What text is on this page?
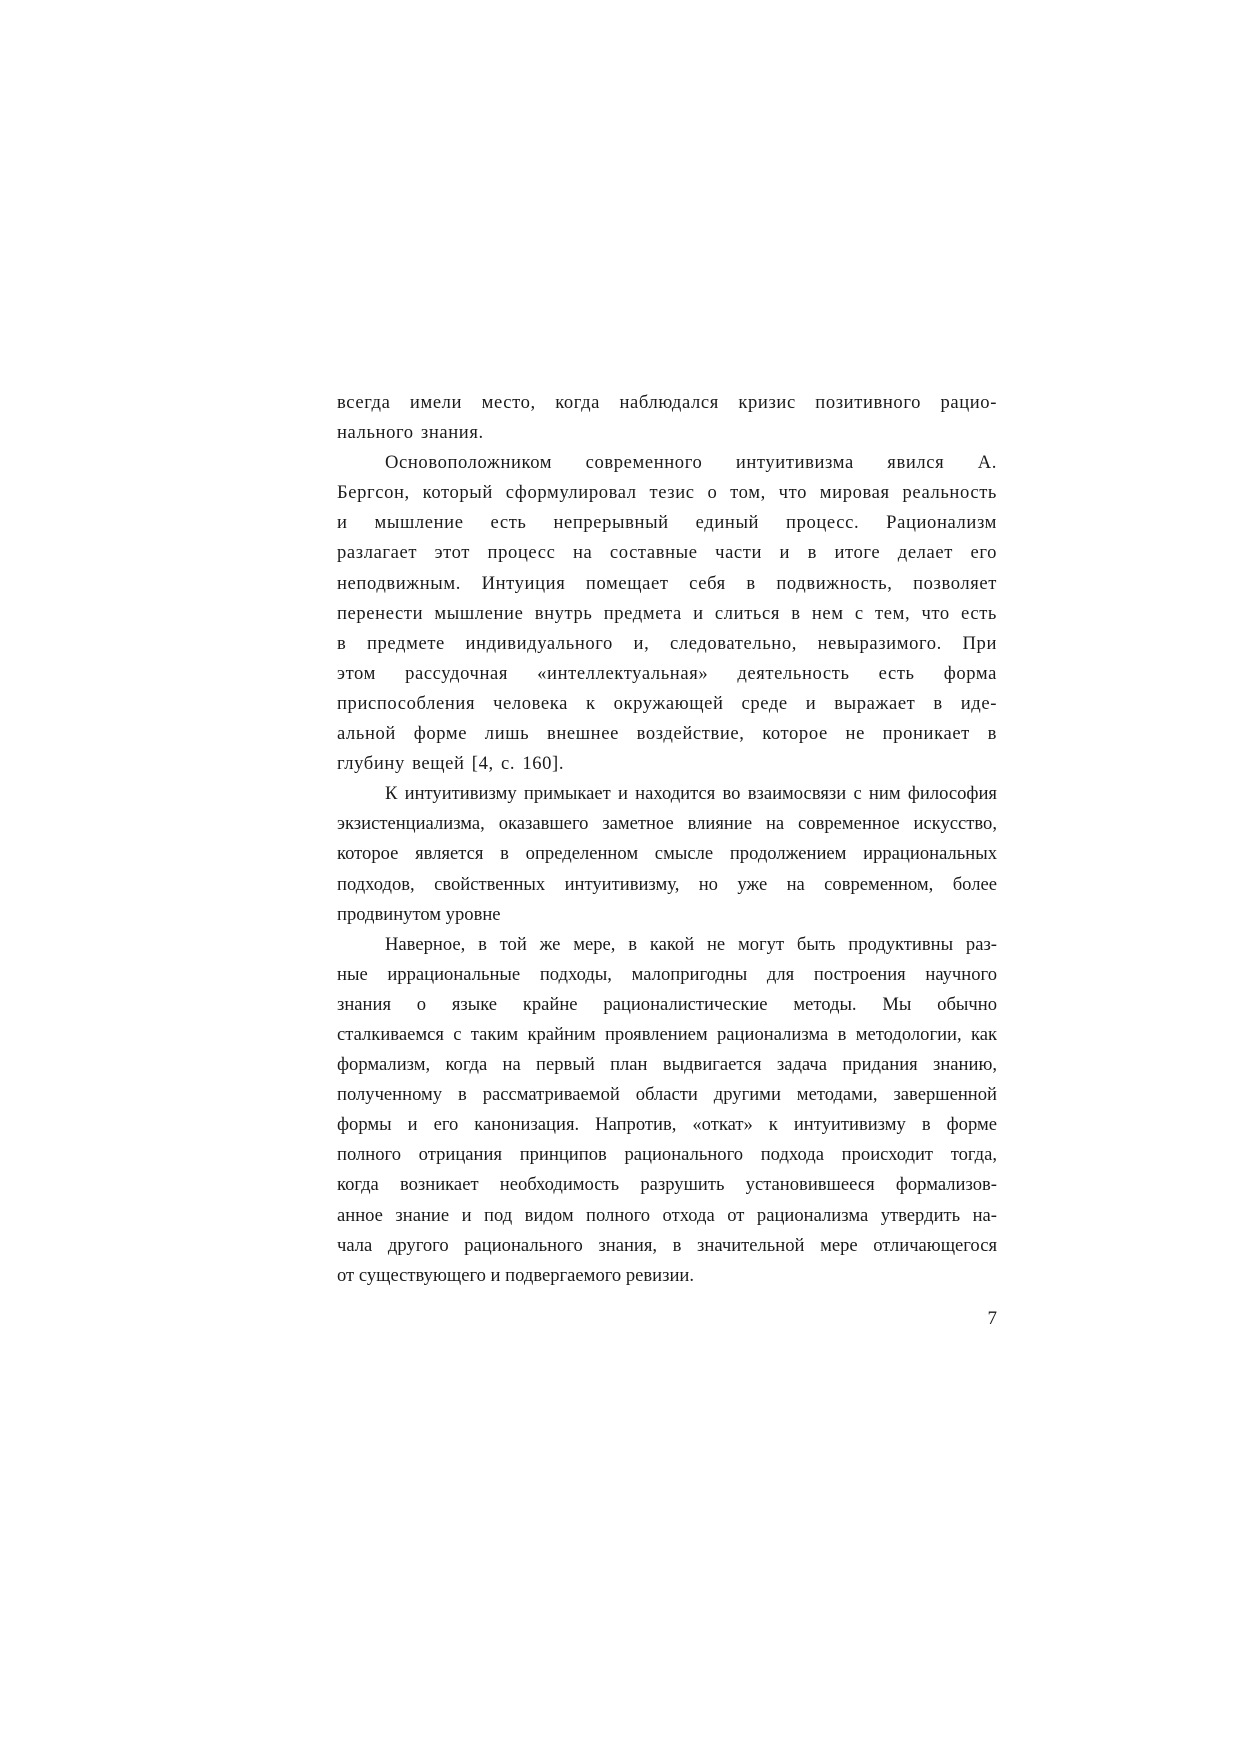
всегда имели место, когда наблюдался кризис позитивного рацио-
нального знания.
Основоположником современного интуитивизма явился А.
Бергсон, который сформулировал тезис о том, что мировая реальность
и мышление есть непрерывный единый процесс. Рационализм
разлагает этот процесс на составные части и в итоге делает его
неподвижным. Интуиция помещает себя в подвижность, позволяет
перенести мышление внутрь предмета и слиться в нем с тем, что есть
в предмете индивидуального и, следовательно, невыразимого. При
этом рассудочная «интеллектуальная» деятельность есть форма
приспособления человека к окружающей среде и выражает в иде-
альной форме лишь внешнее воздействие, которое не проникает в
глубину вещей [4, с. 160].
К интуитивизму примыкает и находится во взаимосвязи с ним философия
экзистенциализма, оказавшего заметное влияние на современное искусство,
которое является в определенном смысле продолжением иррациональных
подходов, свойственных интуитивизму, но уже на современном, более
продвинутом уровне
Наверное, в той же мере, в какой не могут быть продуктивны раз-
ные иррациональные подходы, малопригодны для построения научного
знания о языке крайне рационалистические методы. Мы обычно
сталкиваемся с таким крайним проявлением рационализма в методологии, как
формализм, когда на первый план выдвигается задача придания знанию,
полученному в рассматриваемой области другими методами, завершенной
формы и его канонизация. Напротив, «откат» к интуитивизму в форме
полного отрицания принципов рационального подхода происходит тогда,
когда возникает необходимость разрушить установившееся формализов-
анное знание и под видом полного отхода от рационализма утвердить на-
чала другого рационального знания, в значительной мере отличающегося
от существующего и подвергаемого ревизии.
7
